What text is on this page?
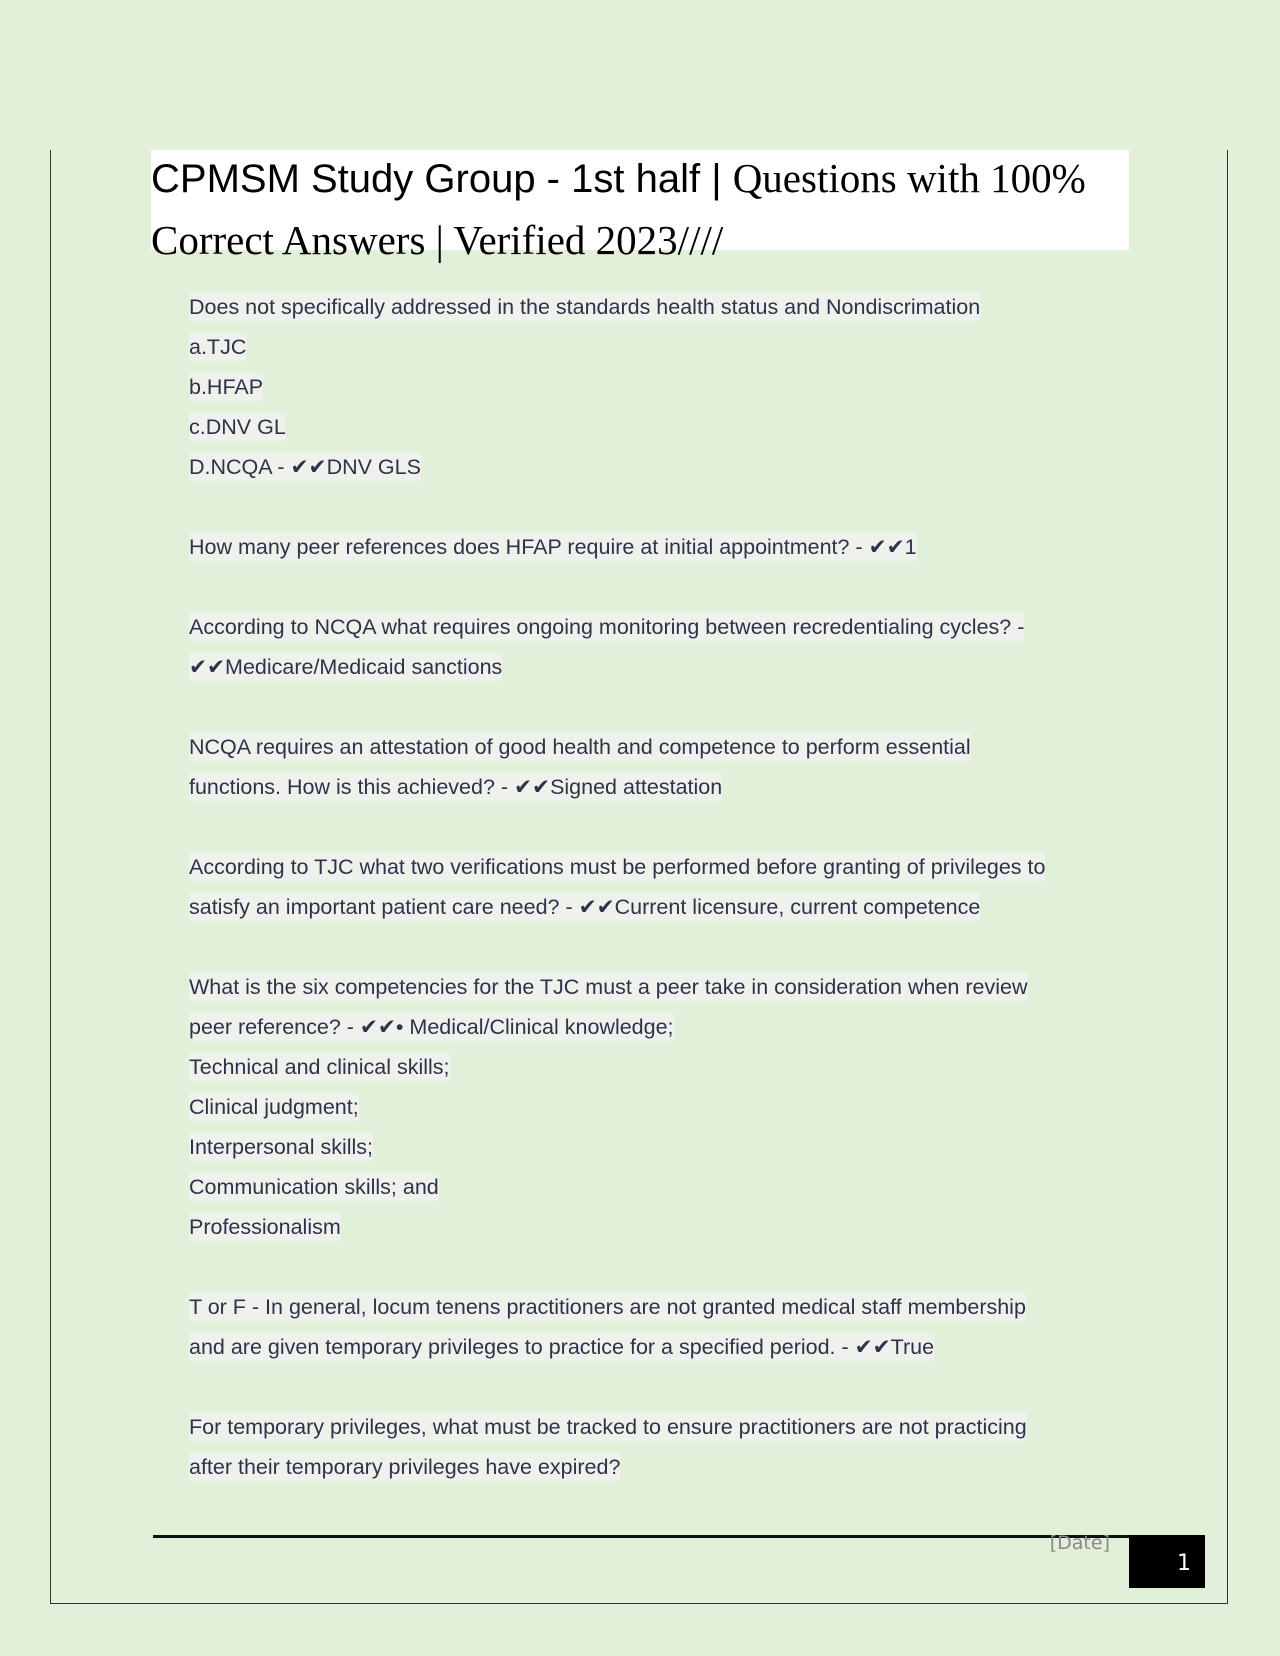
CPMSM Study Group - 1st half | Questions with 100%
Correct Answers | Verified 2023////
Does not specifically addressed in the standards health status and Nondiscrimation
a.TJC
b.HFAP
c.DNV GL
D.NCQA - ✔✔DNV GLS
How many peer references does HFAP require at initial appointment? - ✔✔1
According to NCQA what requires ongoing monitoring between recredentialing cycles? -
✔✔Medicare/Medicaid sanctions
NCQA requires an attestation of good health and competence to perform essential
functions. How is this achieved? - ✔✔Signed attestation
According to TJC what two verifications must be performed before granting of privileges to
satisfy an important patient care need? - ✔✔Current licensure, current competence
What is the six competencies for the TJC must a peer take in consideration when review
peer reference? - ✔✔• Medical/Clinical knowledge;
Technical and clinical skills;
Clinical judgment;
Interpersonal skills;
Communication skills; and
Professionalism
T or F - In general, locum tenens practitioners are not granted medical staff membership
and are given temporary privileges to practice for a specified period. - ✔✔True
For temporary privileges, what must be tracked to ensure practitioners are not practicing
after their temporary privileges have expired?
[Date]
1
